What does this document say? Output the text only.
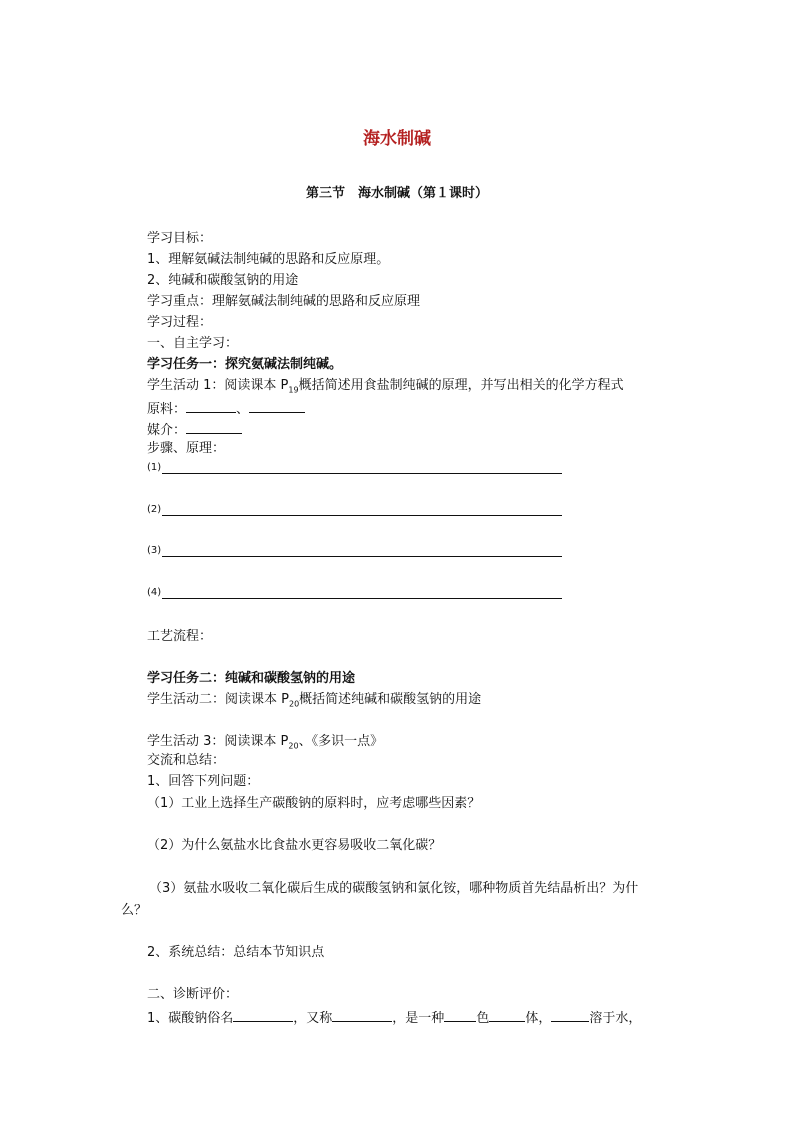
海水制碱
第三节　海水制碱（第１课时）
学习目标：
1、理解氨碱法制纯碱的思路和反应原理。
2、纯碱和碳酸氢钠的用途
学习重点：理解氨碱法制纯碱的思路和反应原理
学习过程：
一、自主学习：
学习任务一：探究氨碱法制纯碱。
学生活动 1：阅读课本 $P_{19}$概括简述用食盐制纯碱的原理，并写出相关的化学方程式
原料：	、
媒介：
步骤、原理：
(1)
(2)
(3)
(4)
工艺流程：
学习任务二：纯碱和碳酸氢钠的用途
学生活动二：阅读课本 $P_{20}$概括简述纯碱和碳酸氢钠的用途
学生活动 3：阅读课本 $P_{20}$、《多识一点》
交流和总结：
1、回答下列问题：
（1）工业上选择生产碳酸钠的原料时，应考虑哪些因素？
（2）为什么氨盐水比食盐水更容易吸收二氧化碳？
（3）氨盐水吸收二氧化碳后生成的碳酸氢钠和氯化铵，哪种物质首先结晶析出？为什
么？
2、系统总结：总结本节知识点
二、诊断评价：
1、碳酸钠俗名	，又称	，是一种 色	体，	溶于水，
